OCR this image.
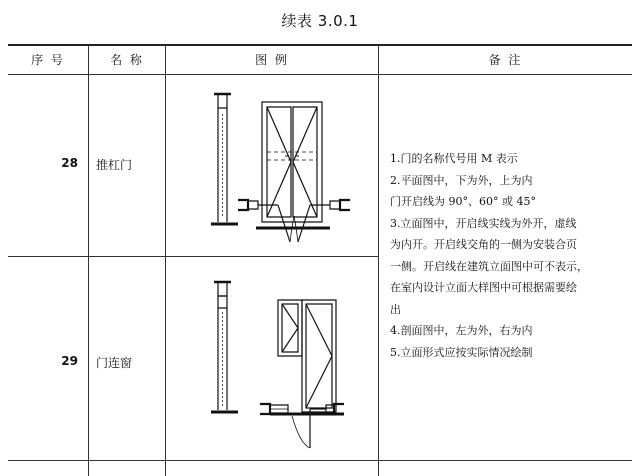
续表 3.0.1
序 号	名 称	图 例	备 注
28	推杠门
29	门连窗
1.门的名称代号用 M 表示
2.平面图中，下为外，上为内
门开启线为 90°、60° 或 45°
3.立面图中，开启线实线为外开，虚线
为内开。开启线交角的一侧为安装合页
一侧。开启线在建筑立面图中可不表示，
在室内设计立面大样图中可根据需要绘
出
4.剖面图中，左为外，右为内
5.立面形式应按实际情况绘制
